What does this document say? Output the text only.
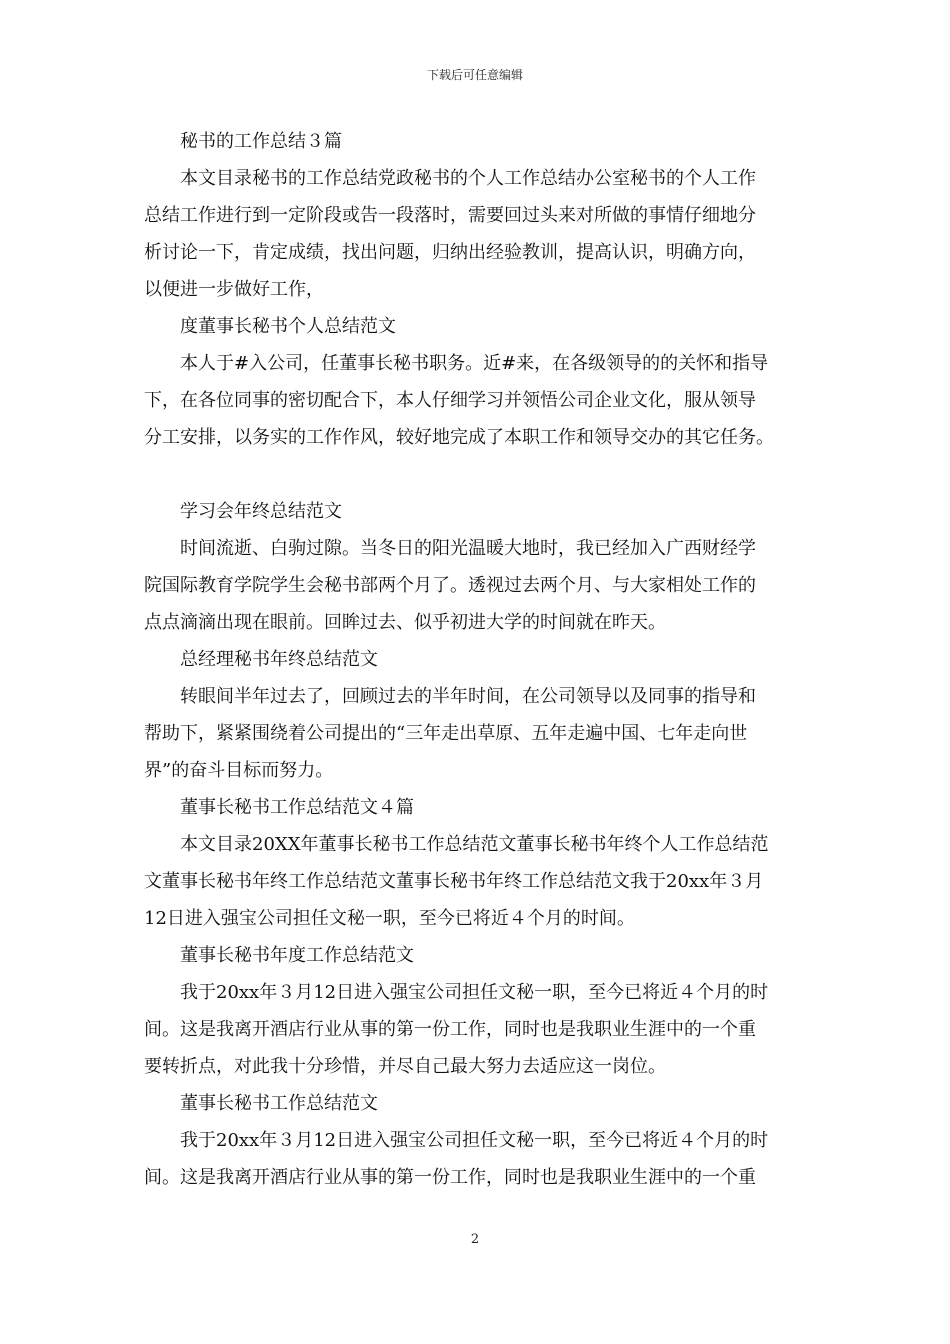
下载后可任意编辑
秘书的工作总结３篇
本文目录秘书的工作总结党政秘书的个人工作总结办公室秘书的个人工作
总结工作进行到一定阶段或告一段落时，需要回过头来对所做的事情仔细地分
析讨论一下，肯定成绩，找出问题，归纳出经验教训，提高认识，明确方向，
以便进一步做好工作，
度董事长秘书个人总结范文
本人于#入公司，任董事长秘书职务。近#来，在各级领导的的关怀和指导
下，在各位同事的密切配合下，本人仔细学习并领悟公司企业文化，服从领导
分工安排，以务实的工作作风，较好地完成了本职工作和领导交办的其它任务。
学习会年终总结范文
时间流逝、白驹过隙。当冬日的阳光温暖大地时，我已经加入广西财经学
院国际教育学院学生会秘书部两个月了。透视过去两个月、与大家相处工作的
点点滴滴出现在眼前。回眸过去、似乎初进大学的时间就在昨天。
总经理秘书年终总结范文
转眼间半年过去了，回顾过去的半年时间，在公司领导以及同事的指导和
帮助下，紧紧围绕着公司提出的“三年走出草原、五年走遍中国、七年走向世
界”的奋斗目标而努力。
董事长秘书工作总结范文４篇
本文目录20XX年董事长秘书工作总结范文董事长秘书年终个人工作总结范
文董事长秘书年终工作总结范文董事长秘书年终工作总结范文我于20xx年３月
12日进入强宝公司担任文秘一职，至今已将近４个月的时间。
董事长秘书年度工作总结范文
我于20xx年３月12日进入强宝公司担任文秘一职，至今已将近４个月的时
间。这是我离开酒店行业从事的第一份工作，同时也是我职业生涯中的一个重
要转折点，对此我十分珍惜，并尽自己最大努力去适应这一岗位。
董事长秘书工作总结范文
我于20xx年３月12日进入强宝公司担任文秘一职，至今已将近４个月的时
间。这是我离开酒店行业从事的第一份工作，同时也是我职业生涯中的一个重
2
